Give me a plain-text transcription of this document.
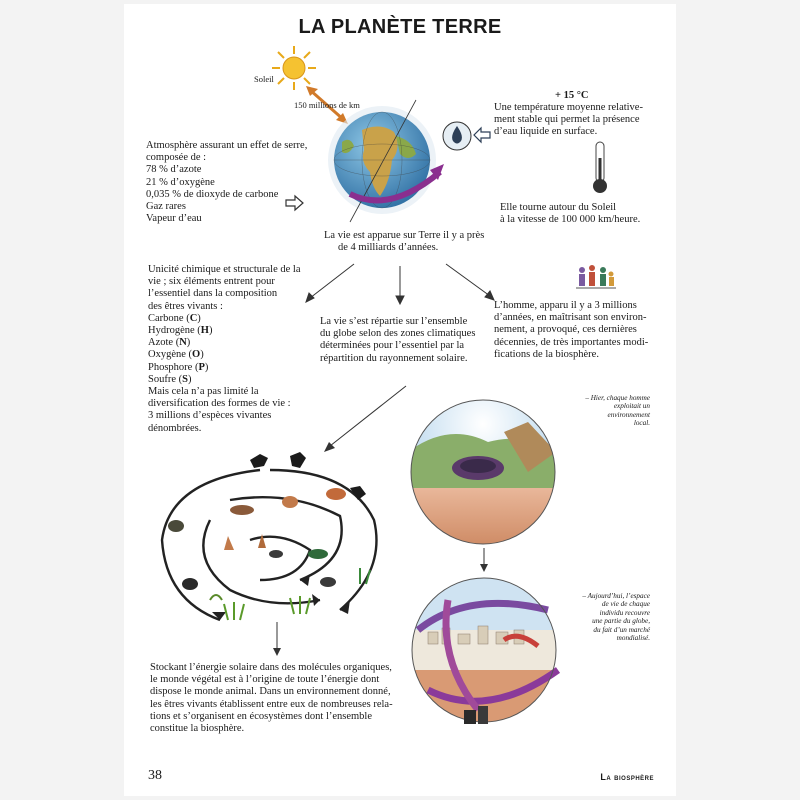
LA PLANÈTE TERRE
Soleil
150 millions de km
+ 15 °C
Une température moyenne relative-
ment stable qui permet la présence
d’eau liquide en surface.
Elle tourne autour du Soleil
à la vitesse de 100 000 km/heure.
Atmosphère assurant un effet de serre,
composée de :
78 % d’azote
21 % d’oxygène
0,035 % de dioxyde de carbone
Gaz rares
Vapeur d’eau
La vie est apparue sur Terre il y a près
de 4 milliards d’années.
Unicité chimique et structurale de la
vie ; six éléments entrent pour
l’essentiel dans la composition
des êtres vivants :
Carbone (C)
Hydrogène (H)
Azote (N)
Oxygène (O)
Phosphore (P)
Soufre (S)
Mais cela n’a pas limité la
diversification des formes de vie :
3 millions d’espèces vivantes
dénombrées.
La vie s’est répartie sur l’ensemble
du globe selon des zones climatiques
déterminées pour l’essentiel par la
répartition du rayonnement solaire.
L’homme, apparu il y a 3 millions
d’années, en maîtrisant son environ-
nement, a provoqué, ces dernières
décennies, de très importantes modi-
fications de la biosphère.
– Hier, chaque homme
exploitait un
environnement
local.
– Aujourd’hui, l’espace
de vie de chaque
individu recouvre
une partie du globe,
du fait d’un marché
mondialisé.
Stockant l’énergie solaire dans des molécules organiques,
le monde végétal est à l’origine de toute l’énergie dont
dispose le monde animal. Dans un environnement donné,
les êtres vivants établissent entre eux de nombreuses rela-
tions et s’organisent en écosystèmes dont l’ensemble
constitue la biosphère.
38	La biosphère
